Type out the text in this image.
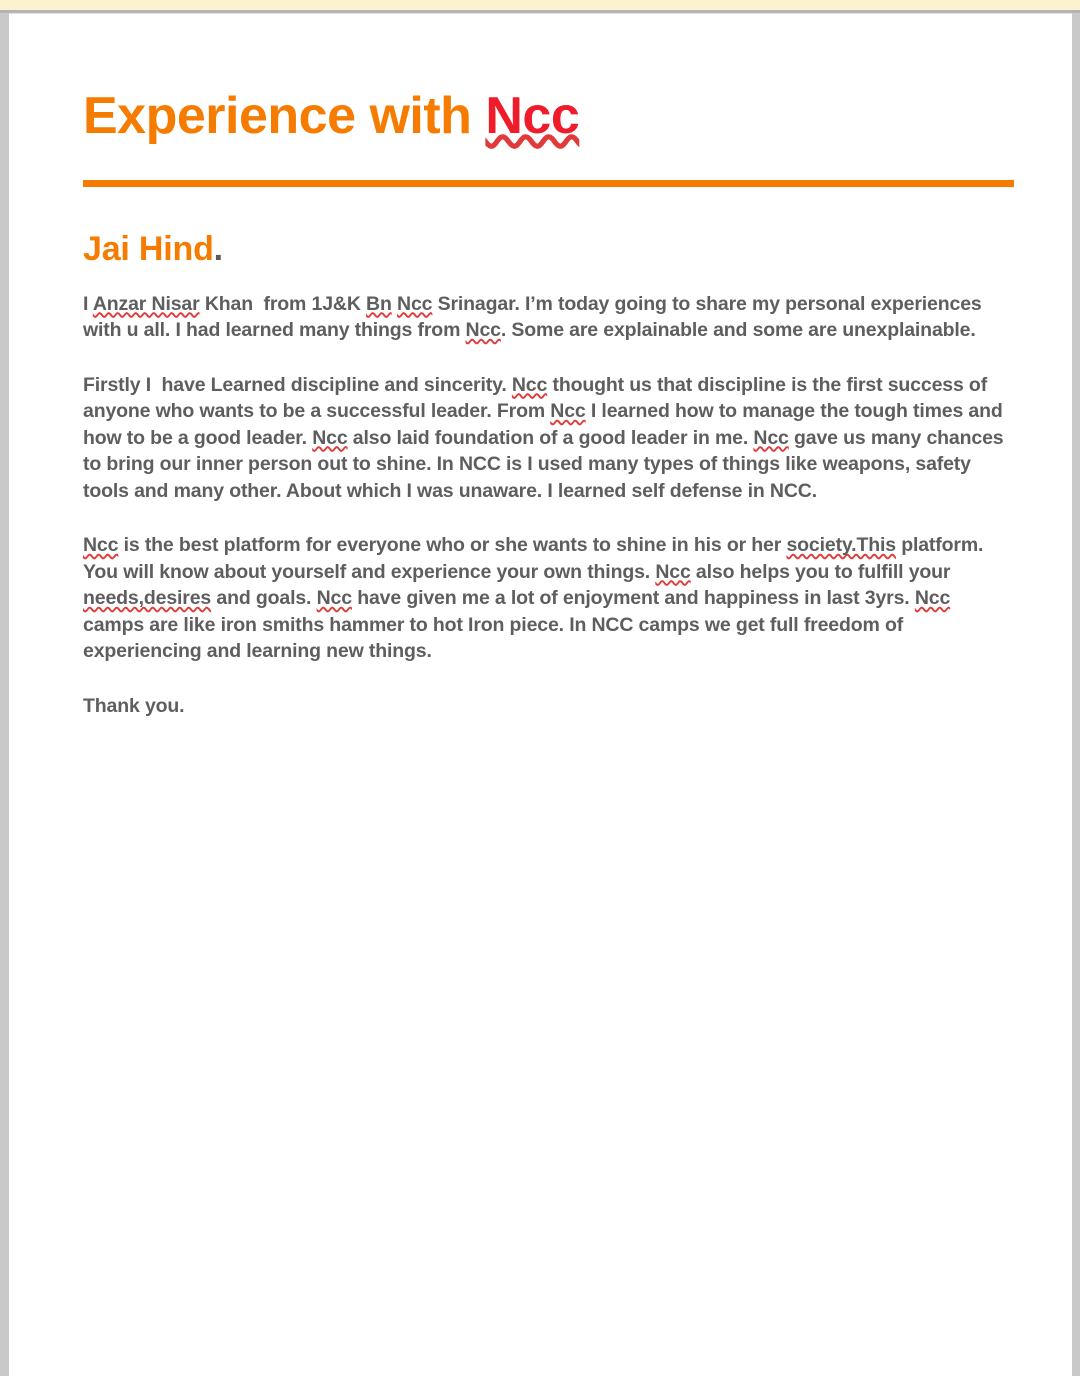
Experience with Ncc
Jai Hind.

I Anzar Nisar Khan  from 1J&K Bn Ncc Srinagar. I’m today going to share my personal experiences with u all. I had learned many things from Ncc. Some are explainable and some are unexplainable.

Firstly I  have Learned discipline and sincerity. Ncc thought us that discipline is the first success of anyone who wants to be a successful leader. From Ncc I learned how to manage the tough times and how to be a good leader. Ncc also laid foundation of a good leader in me. Ncc gave us many chances to bring our inner person out to shine. In NCC is I used many types of things like weapons, safety tools and many other. About which I was unaware. I learned self defense in NCC.

Ncc is the best platform for everyone who or she wants to shine in his or her society.This platform. You will know about yourself and experience your own things. Ncc also helps you to fulfill your needs,desires and goals. Ncc have given me a lot of enjoyment and happiness in last 3yrs. Ncc camps are like iron smiths hammer to hot Iron piece. In NCC camps we get full freedom of experiencing and learning new things.

Thank you.
